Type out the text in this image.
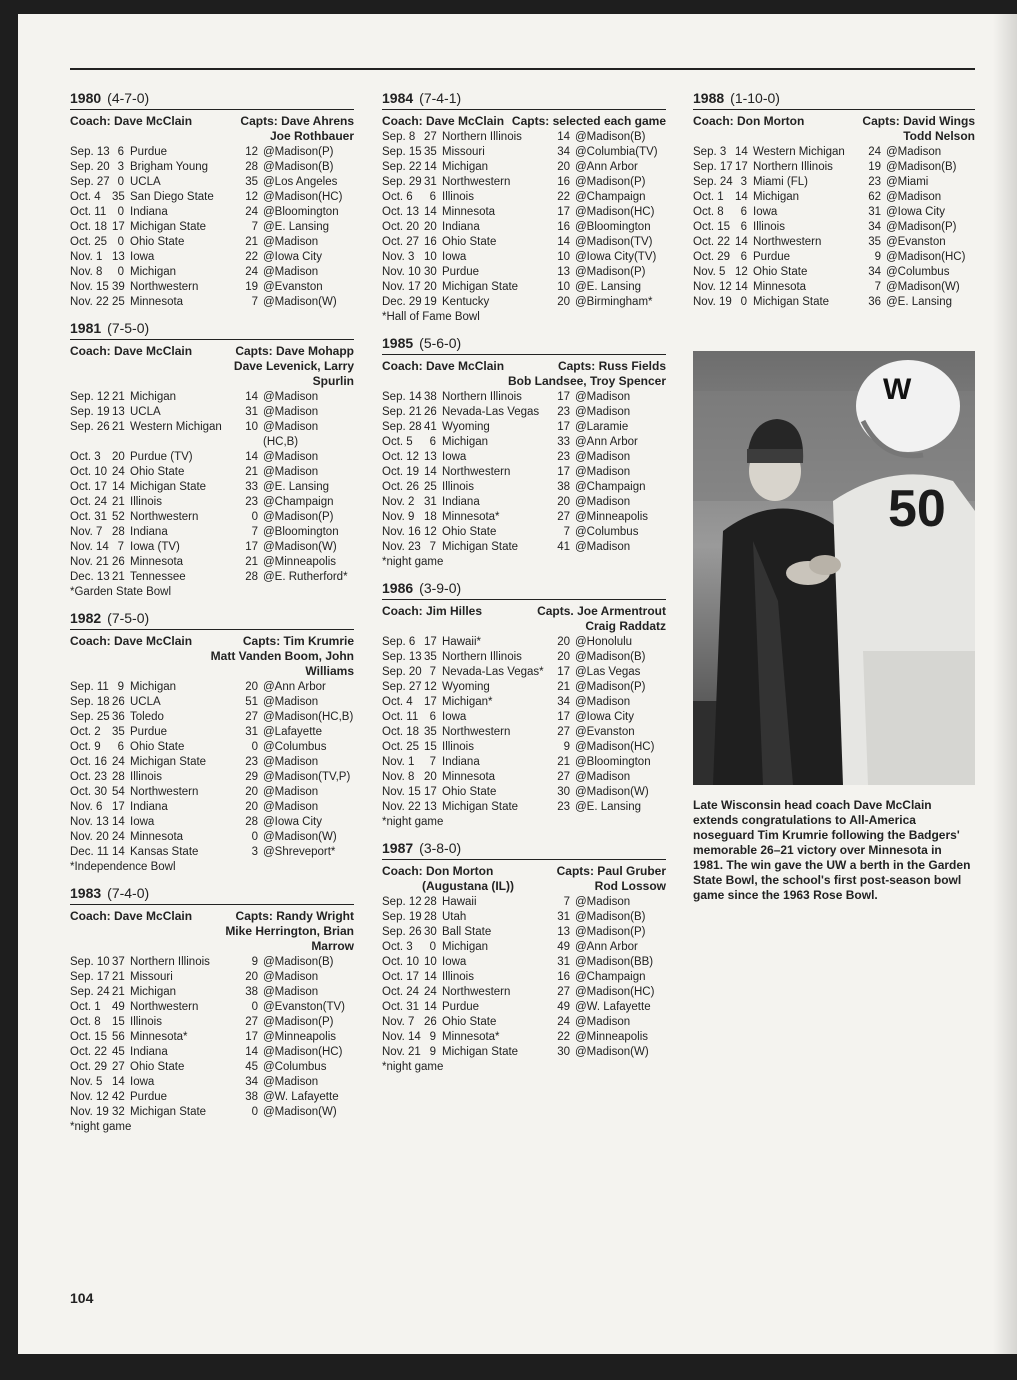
1980 (4-7-0)
Coach: Dave McClain	Capts: Dave Ahrens
Joe Rothbauer
Sep. 13 6 Purdue	12 @Madison(P)
Sep. 20 3 Brigham Young	28 @Madison(B)
Sep. 27 0 UCLA	35 @Los Angeles
Oct. 4 35 San Diego State	12 @Madison(HC)
Oct. 11 0 Indiana	24 @Bloomington
Oct. 18 17 Michigan State	7 @E. Lansing
Oct. 25 0 Ohio State	21 @Madison
Nov. 1 13 Iowa	22 @Iowa City
Nov. 8	0 Michigan	24 @Madison
Nov. 15 39 Northwestern	19 @Evanston
Nov. 22 25 Minnesota	7 @Madison(W)
1981 (7-5-0)
Coach: Dave McClain	Capts: Dave Mohapp
Dave Levenick, Larry Spurlin
Sep. 12 21 Michigan	14 @Madison
Sep. 19 13 UCLA	31 @Madison
Sep. 26 21 Western Michigan	10 @Madison
(HC,B)
Oct. 3 20 Purdue (TV)	14 @Madison
Oct. 10 24 Ohio State	21 @Madison
Oct. 17 14 Michigan State	33 @E. Lansing
Oct. 24 21 Illinois	23 @Champaign
Oct. 31 52 Northwestern	0 @Madison(P)
Nov. 7 28 Indiana	7 @Bloomington
Nov. 14 7 Iowa (TV)	17 @Madison(W)
Nov. 21 26 Minnesota	21 @Minneapolis
Dec. 13 21 Tennessee	28 @E. Rutherford*
*Garden State Bowl
1982 (7-5-0)
Coach: Dave McClain	Capts: Tim Krumrie
Matt Vanden Boom, John Williams
Sep. 11 9 Michigan	20 @Ann Arbor
Sep. 18 26 UCLA	51 @Madison
Sep. 25 36 Toledo	27 @Madison(HC,B)
Oct. 2 35 Purdue	31 @Lafayette
Oct. 9	6 Ohio State	0 @Columbus
Oct. 16 24 Michigan State	23 @Madison
Oct. 23 28 Illinois	29 @Madison(TV,P)
Oct. 30 54 Northwestern	20 @Madison
Nov. 6 17 Indiana	20 @Madison
Nov. 13 14 Iowa	28 @Iowa City
Nov. 20 24 Minnesota	0 @Madison(W)
Dec. 11 14 Kansas State	3 @Shreveport*
*Independence Bowl
1983 (7-4-0)
Coach: Dave McClain	Capts: Randy Wright
Mike Herrington, Brian Marrow
Sep. 10 37 Northern Illinois	9 @Madison(B)
Sep. 17 21 Missouri	20 @Madison
Sep. 24 21 Michigan	38 @Madison
Oct. 1 49 Northwestern	0 @Evanston(TV)
Oct. 8 15 Illinois	27 @Madison(P)
Oct. 15 56 Minnesota*	17 @Minneapolis
Oct. 22 45 Indiana	14 @Madison(HC)
Oct. 29 27 Ohio State	45 @Columbus
Nov. 5 14 Iowa	34 @Madison
Nov. 12 42 Purdue	38 @W. Lafayette
Nov. 19 32 Michigan State	0 @Madison(W)
*night game
1984 (7-4-1)
Coach: Dave McClain Capts: selected each game
Sep. 8 27 Northern Illinois	14 @Madison(B)
Sep. 15 35 Missouri	34 @Columbia(TV)
Sep. 22 14 Michigan	20 @Ann Arbor
Sep. 29 31 Northwestern	16 @Madison(P)
Oct. 6	6 Illinois	22 @Champaign
Oct. 13 14 Minnesota	17 @Madison(HC)
Oct. 20 20 Indiana	16 @Bloomington
Oct. 27 16 Ohio State	14 @Madison(TV)
Nov. 3 10 Iowa	10 @Iowa City(TV)
Nov. 10 30 Purdue	13 @Madison(P)
Nov. 17 20 Michigan State	10 @E. Lansing
Dec. 29 19 Kentucky	20 @Birmingham*
*Hall of Fame Bowl
1985 (5-6-0)
Coach: Dave McClain	Capts: Russ Fields
Bob Landsee, Troy Spencer
Sep. 14 38 Northern Illinois	17 @Madison
Sep. 21 26 Nevada-Las Vegas	23 @Madison
Sep. 28 41 Wyoming	17 @Laramie
Oct. 5	6 Michigan	33 @Ann Arbor
Oct. 12 13 Iowa	23 @Madison
Oct. 19 14 Northwestern	17 @Madison
Oct. 26 25 Illinois	38 @Champaign
Nov. 2 31 Indiana	20 @Madison
Nov. 9 18 Minnesota*	27 @Minneapolis
Nov. 16 12 Ohio State	7 @Columbus
Nov. 23 7 Michigan State	41 @Madison
*night game
1986 (3-9-0)
Coach: Jim Hilles	Capts. Joe Armentrout
Craig Raddatz
Sep. 6 17 Hawaii*	20 @Honolulu
Sep. 13 35 Northern Illinois	20 @Madison(B)
Sep. 20 7 Nevada-Las Vegas*	17 @Las Vegas
Sep. 27 12 Wyoming	21 @Madison(P)
Oct. 4 17 Michigan*	34 @Madison
Oct. 11 6 Iowa	17 @Iowa City
Oct. 18 35 Northwestern	27 @Evanston
Oct. 25 15 Illinois	9 @Madison(HC)
Nov. 1	7 Indiana	21 @Bloomington
Nov. 8 20 Minnesota	27 @Madison
Nov. 15 17 Ohio State	30 @Madison(W)
Nov. 22 13 Michigan State	23 @E. Lansing
*night game
1987 (3-8-0)
Coach: Don Morton
(Augustana (IL))
Capts: Paul Gruber
Rod Lossow
Sep. 12 28 Hawaii	7 @Madison
Sep. 19 28 Utah	31 @Madison(B)
Sep. 26 30 Ball State	13 @Madison(P)
Oct. 3	0 Michigan	49 @Ann Arbor
Oct. 10 10 Iowa	31 @Madison(BB)
Oct. 17 14 Illinois	16 @Champaign
Oct. 24 24 Northwestern	27 @Madison(HC)
Oct. 31 14 Purdue	49 @W. Lafayette
Nov. 7 26 Ohio State	24 @Madison
Nov. 14 9 Minnesota*	22 @Minneapolis
Nov. 21 9 Michigan State	30 @Madison(W)
*night game
1988 (1-10-0)
Coach: Don Morton	Capts: David Wings
Todd Nelson
Sep. 3 14 Western Michigan	24 @Madison
Sep. 17 17 Northern Illinois	19 @Madison(B)
Sep. 24 3 Miami (FL)	23 @Miami
Oct. 1 14 Michigan	62 @Madison
Oct. 8	6 Iowa	31 @Iowa City
Oct. 15 6 Illinois	34 @Madison(P)
Oct. 22 14 Northwestern	35 @Evanston
Oct. 29 6 Purdue	9 @Madison(HC)
Nov. 5 12 Ohio State	34 @Columbus
Nov. 12 14 Minnesota	7 @Madison(W)
Nov. 19 0 Michigan State	36 @E. Lansing
50
W
Late Wisconsin head coach Dave McClain extends congratulations to All-America noseguard Tim Krumrie following the Badgers' memorable 26–21 victory over Minnesota in 1981. The win gave the UW a berth in the Garden State Bowl, the school's first post-season bowl game since the 1963 Rose Bowl.
104
